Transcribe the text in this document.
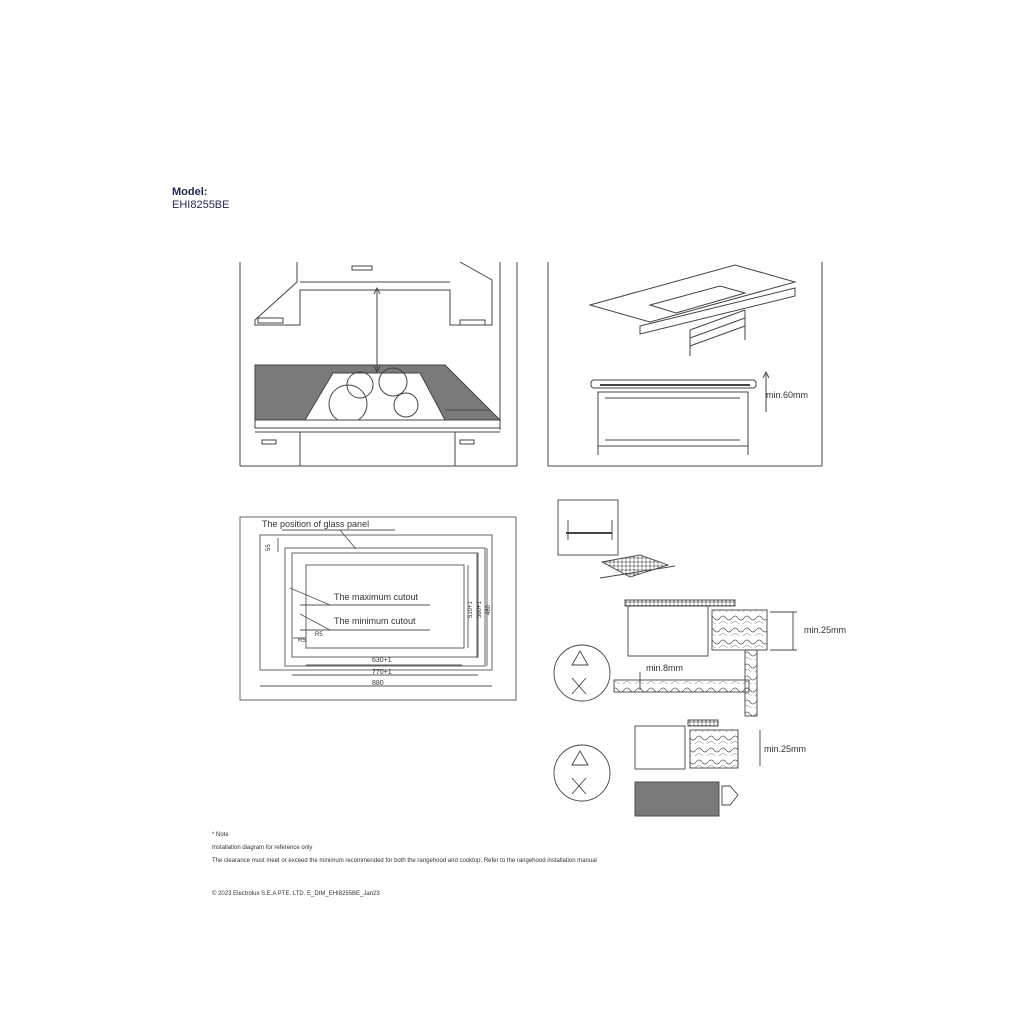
Model:
EHI8255BE
min.60mm
The position of glass panel
The maximum cutout
The minimum cutout
55
R5
R5
630+1
770+1
880
510+1 560+1 480
min.25mm
min.8mm
min.25mm
* Note
Installation diagram for reference only
The clearance must meet or exceed the minimum recommended for both the rangehood and cooktop. Refer to the rangehood installation manual
© 2023 Electrolux S.E.A PTE. LTD. E_DIM_EHI8255BE_Jan23
